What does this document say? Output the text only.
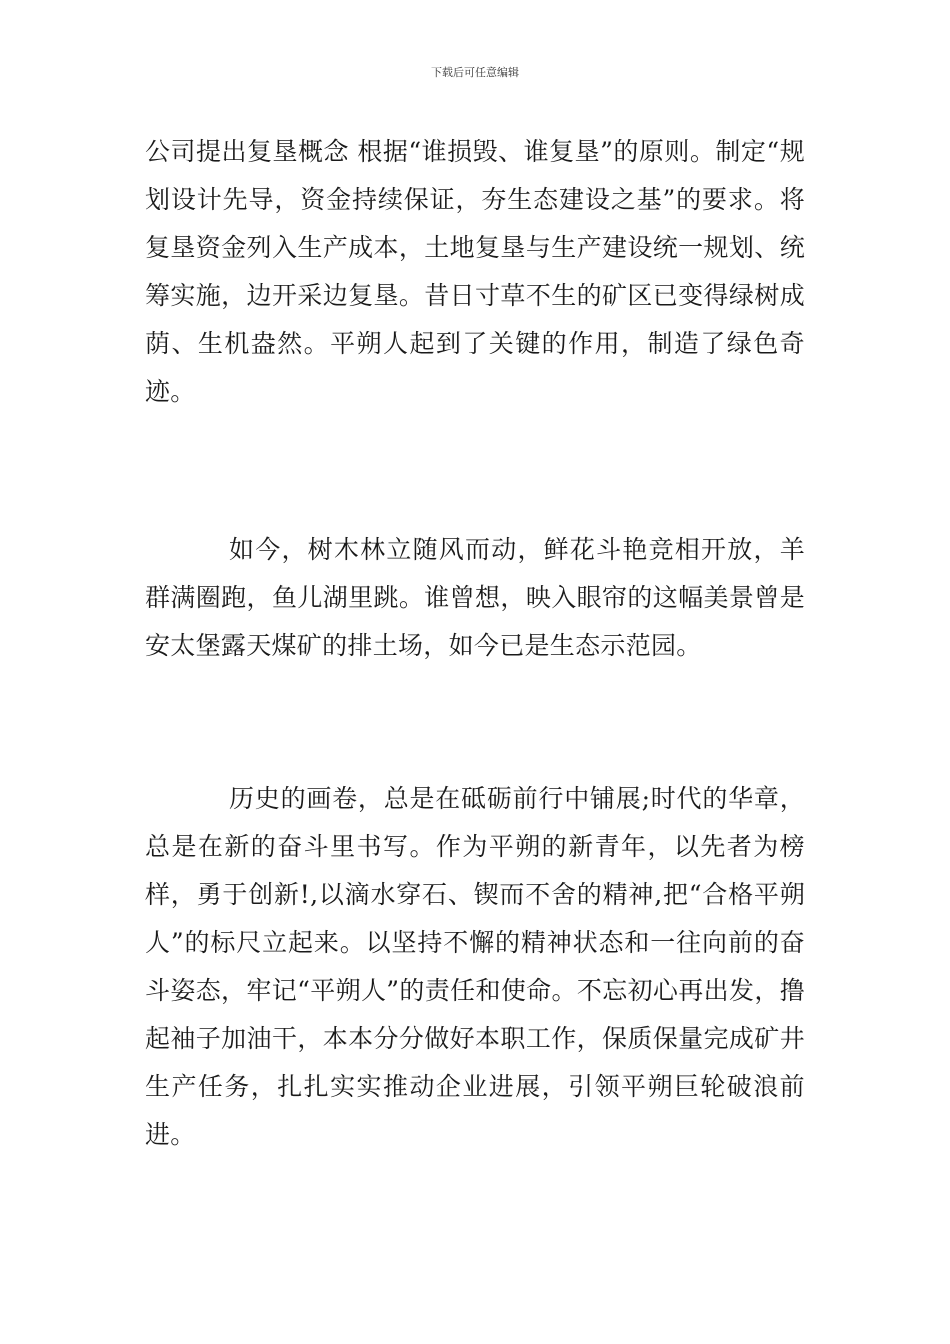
下载后可任意编辑

公司提出复垦概念 根据“谁损毁、谁复垦”的原则。制定“规划设计先导，资金持续保证，夯生态建设之基”的要求。将复垦资金列入生产成本，土地复垦与生产建设统一规划、统筹实施，边开采边复垦。昔日寸草不生的矿区已变得绿树成荫、生机盎然。平朔人起到了关键的作用，制造了绿色奇迹。

如今，树木林立随风而动，鲜花斗艳竞相开放，羊群满圈跑，鱼儿湖里跳。谁曾想，映入眼帘的这幅美景曾是安太堡露天煤矿的排土场，如今已是生态示范园。

历史的画卷，总是在砥砺前行中铺展;时代的华章，总是在新的奋斗里书写。作为平朔的新青年，以先者为榜样，勇于创新!,以滴水穿石、锲而不舍的精神,把“合格平朔人”的标尺立起来。以坚持不懈的精神状态和一往向前的奋斗姿态，牢记“平朔人”的责任和使命。不忘初心再出发，撸起袖子加油干，本本分分做好本职工作，保质保量完成矿井生产任务，扎扎实实推动企业进展，引领平朔巨轮破浪前进。
